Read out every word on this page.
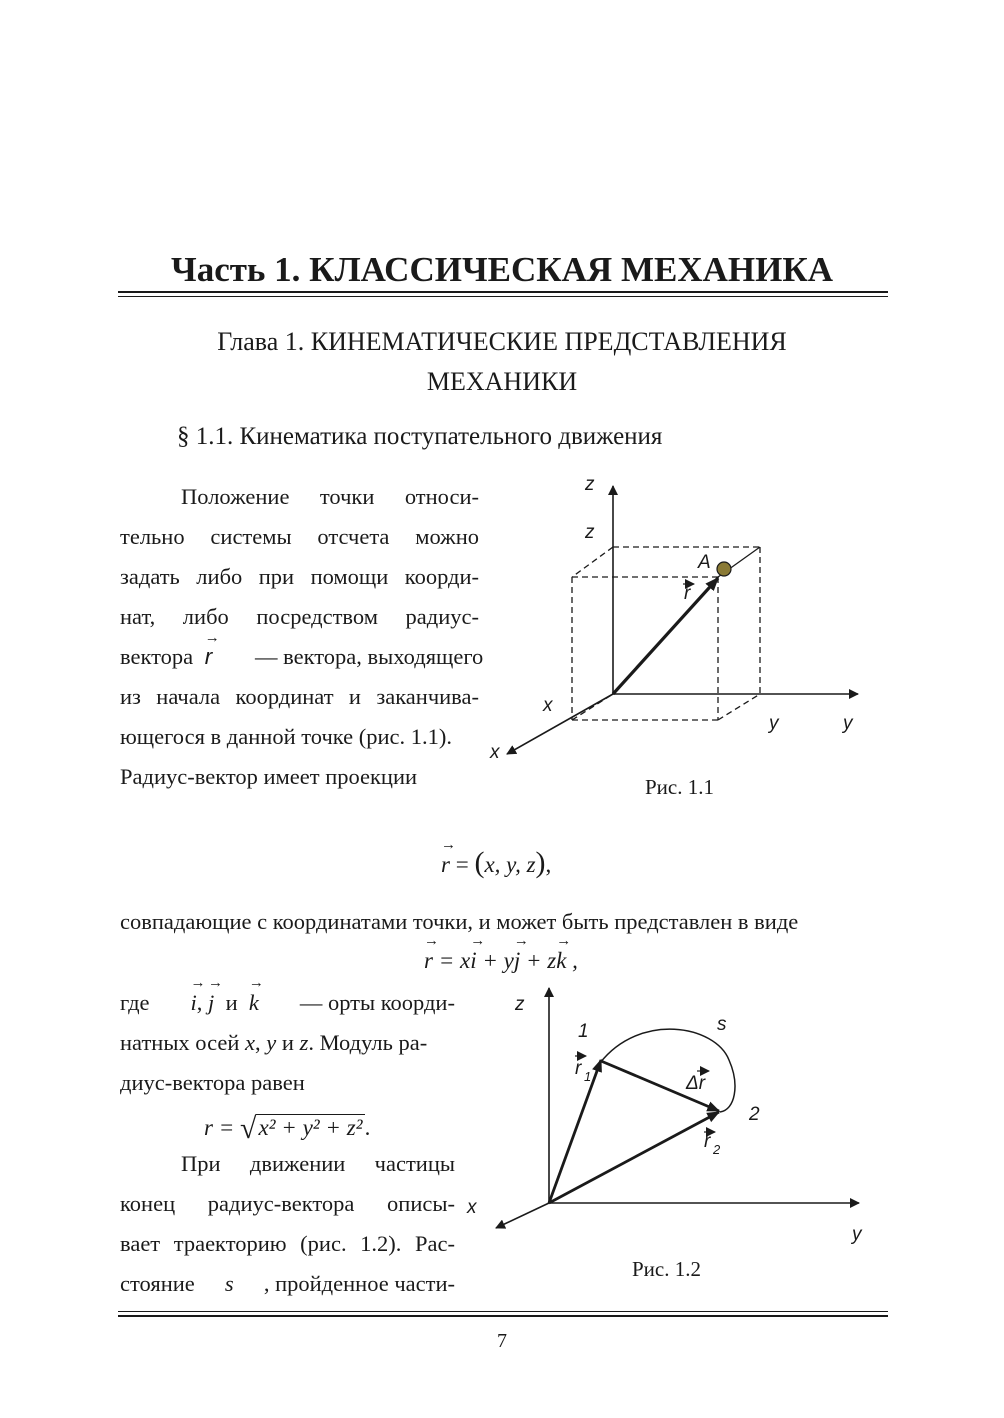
Часть 1. КЛАССИЧЕСКАЯ МЕХАНИКА
Глава 1. КИНЕМАТИЧЕСКИЕ ПРЕДСТАВЛЕНИЯ
МЕХАНИКИ
§ 1.1. Кинематика поступательного движения
Положение точки относи-
тельно системы отсчета можно
задать либо при помощи коорди-
нат, либо посредством радиус-
вектора → r — вектора, выходящего
из начала координат и заканчива-
ющегося в данной точке (рис. 1.1).
Радиус-вектор имеет проекции
z
z
A
r
x
x
y	y
Рис. 1.1
→ r = (x, y, z),
совпадающие с координатами точки, и может быть представлен в виде
→ r = x→ i + y→ j + z→ k ,
где → i, → j и → k — орты коорди-
натных осей x, y и z. Модуль ра-
диус-вектора равен
r = √x² + y² + z².
При движении частицы
конец радиус-вектора описы-
вает траекторию (рис. 1.2). Рас-
стояние s , пройденное части-
z
1	s
r 1	Δr
2
r 2
x
y
Рис. 1.2
7
